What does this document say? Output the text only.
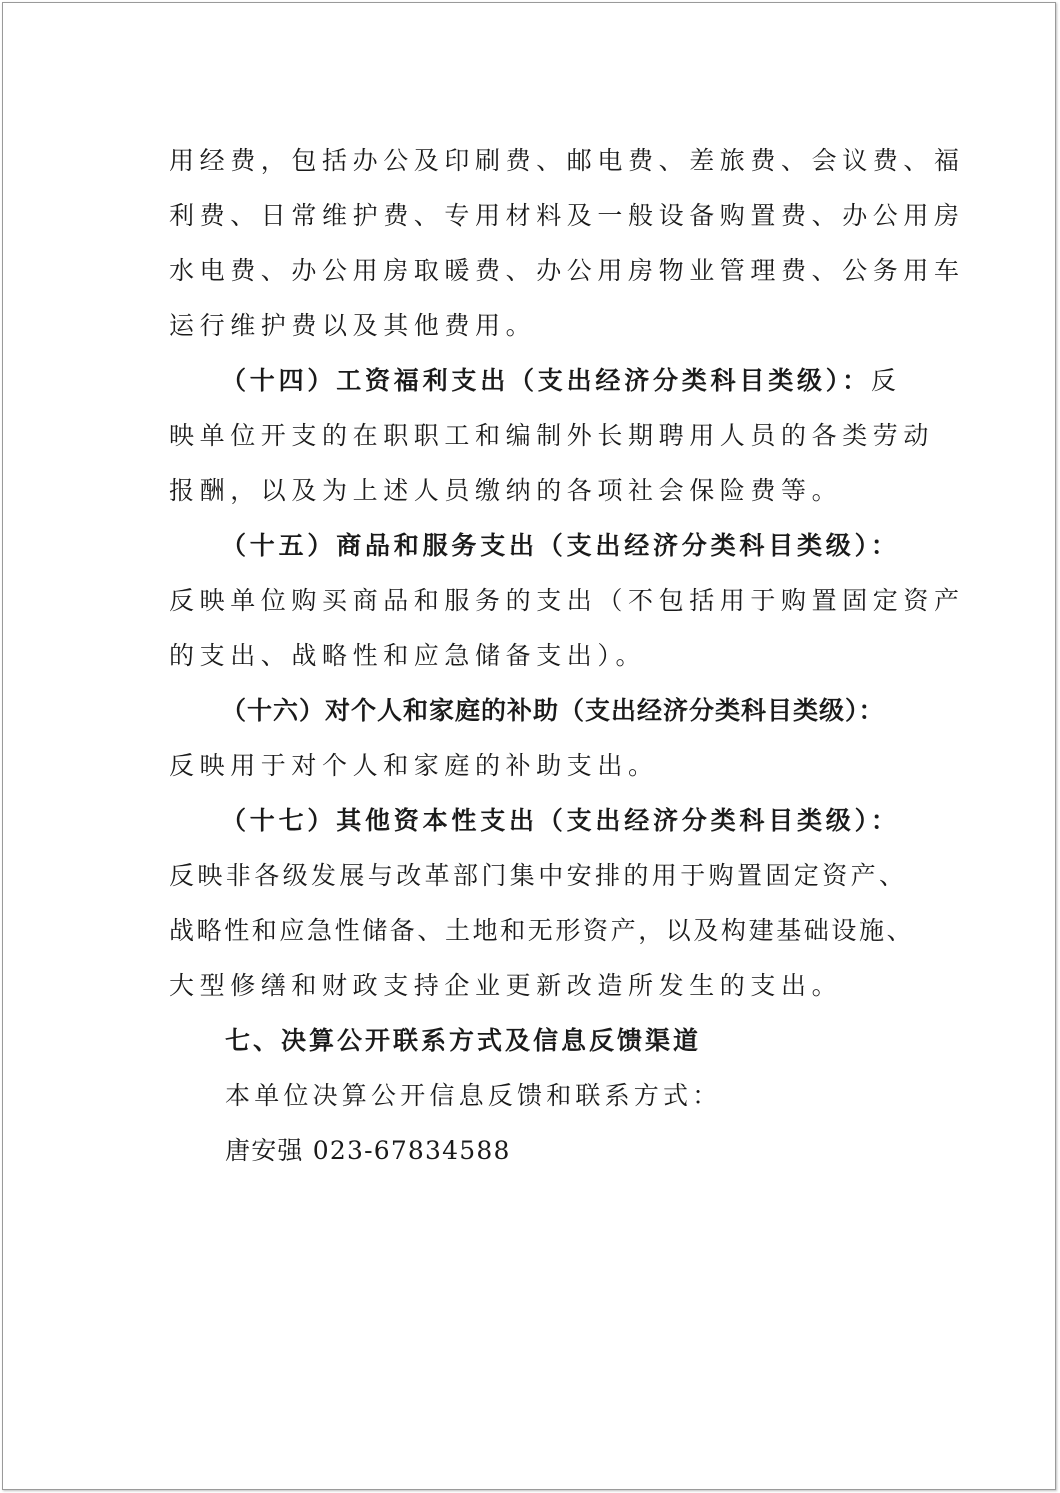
用经费，包括办公及印刷费、邮电费、差旅费、会议费、福
利费、日常维护费、专用材料及一般设备购置费、办公用房
水电费、办公用房取暖费、办公用房物业管理费、公务用车
运行维护费以及其他费用。
（十四）工资福利支出（支出经济分类科目类级）：反
映单位开支的在职职工和编制外长期聘用人员的各类劳动
报酬，以及为上述人员缴纳的各项社会保险费等。
（十五）商品和服务支出（支出经济分类科目类级）：
反映单位购买商品和服务的支出（不包括用于购置固定资产
的支出、战略性和应急储备支出）。
（十六）对个人和家庭的补助（支出经济分类科目类级）：
反映用于对个人和家庭的补助支出。
（十七）其他资本性支出（支出经济分类科目类级）：
反映非各级发展与改革部门集中安排的用于购置固定资产、
战略性和应急性储备、土地和无形资产，以及构建基础设施、
大型修缮和财政支持企业更新改造所发生的支出。
七、决算公开联系方式及信息反馈渠道
本单位决算公开信息反馈和联系方式：
唐安强 023-67834588
